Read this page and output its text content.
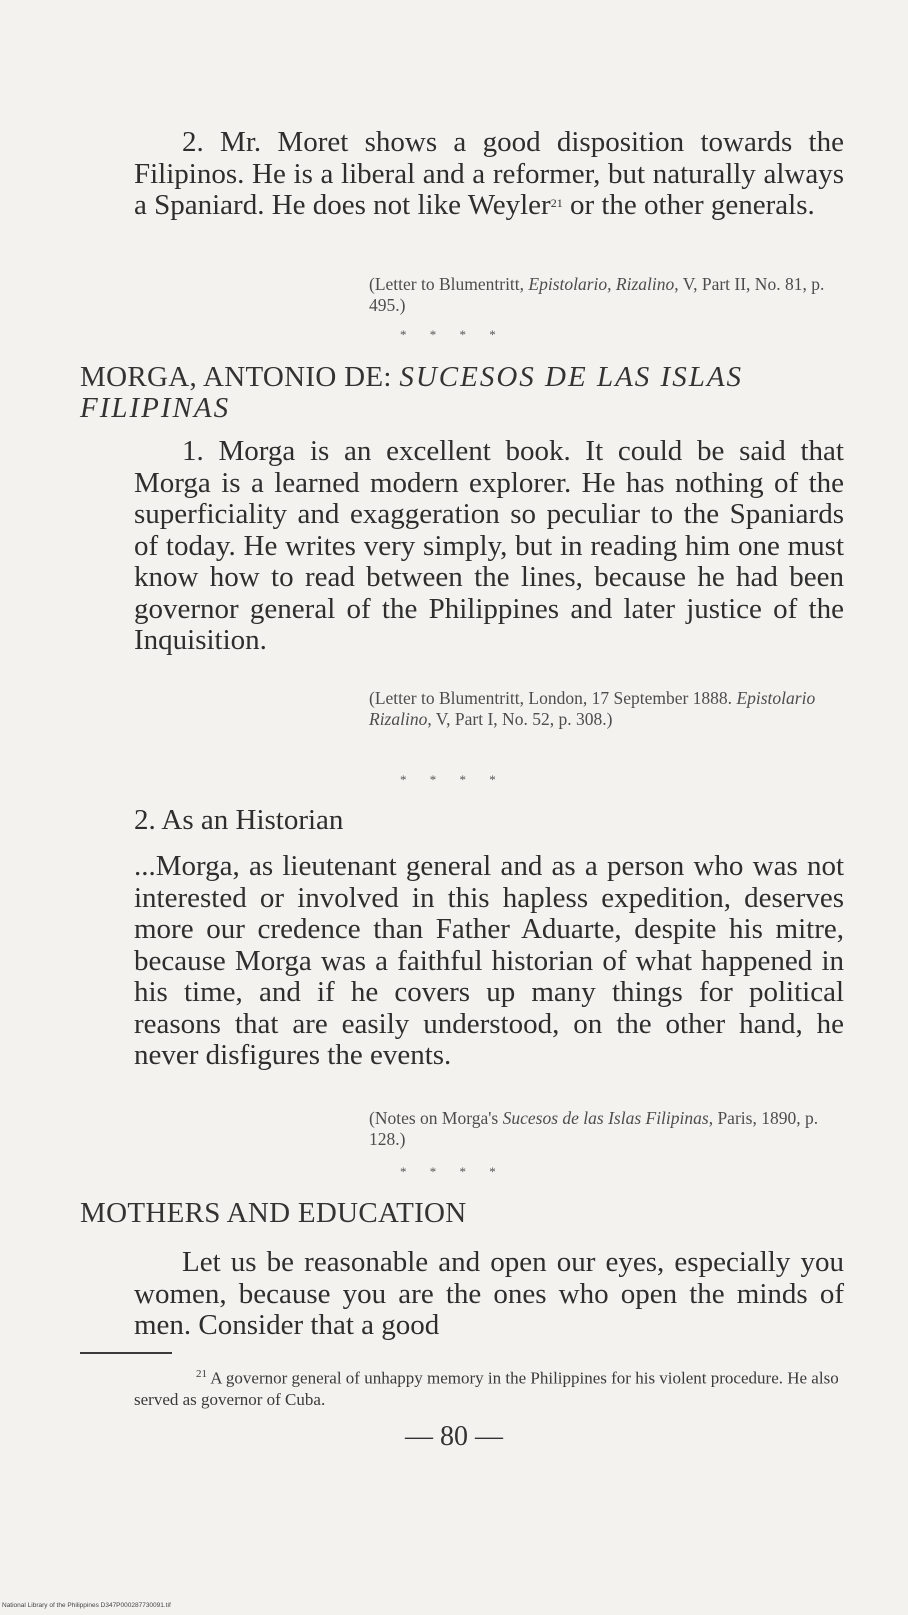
2. Mr. Moret shows a good disposition towards the Filipinos. He is a liberal and a reformer, but naturally always a Spaniard. He does not like Weyler$^{21}$ or the other generals.

(Letter to Blumentritt, Epistolario, Rizalino, V, Part II, No. 81, p. 495.)
* * * *
MORGA, ANTONIO DE: SUCESOS DE LAS ISLAS FILIPINAS

1. Morga is an excellent book. It could be said that Morga is a learned modern explorer. He has nothing of the superficiality and exaggeration so peculiar to the Spaniards of today. He writes very simply, but in reading him one must know how to read between the lines, because he had been governor general of the Philippines and later justice of the Inquisition.

(Letter to Blumentritt, London, 17 September 1888. Epistolario Rizalino, V, Part I, No. 52, p. 308.)
* * * *
2. As an Historian

...Morga, as lieutenant general and as a person who was not interested or involved in this hapless expedition, deserves more our credence than Father Aduarte, despite his mitre, because Morga was a faithful historian of what happened in his time, and if he covers up many things for political reasons that are easily understood, on the other hand, he never disfigures the events.

(Notes on Morga's Sucesos de las Islas Filipinas, Paris, 1890, p. 128.)
* * * *
MOTHERS AND EDUCATION

Let us be reasonable and open our eyes, especially you women, because you are the ones who open the minds of men. Consider that a good

$^{21}$ A governor general of unhappy memory in the Philippines for his violent procedure. He also served as governor of Cuba.
— 80 —
National Library of the Philippines D347P000287730091.tif
